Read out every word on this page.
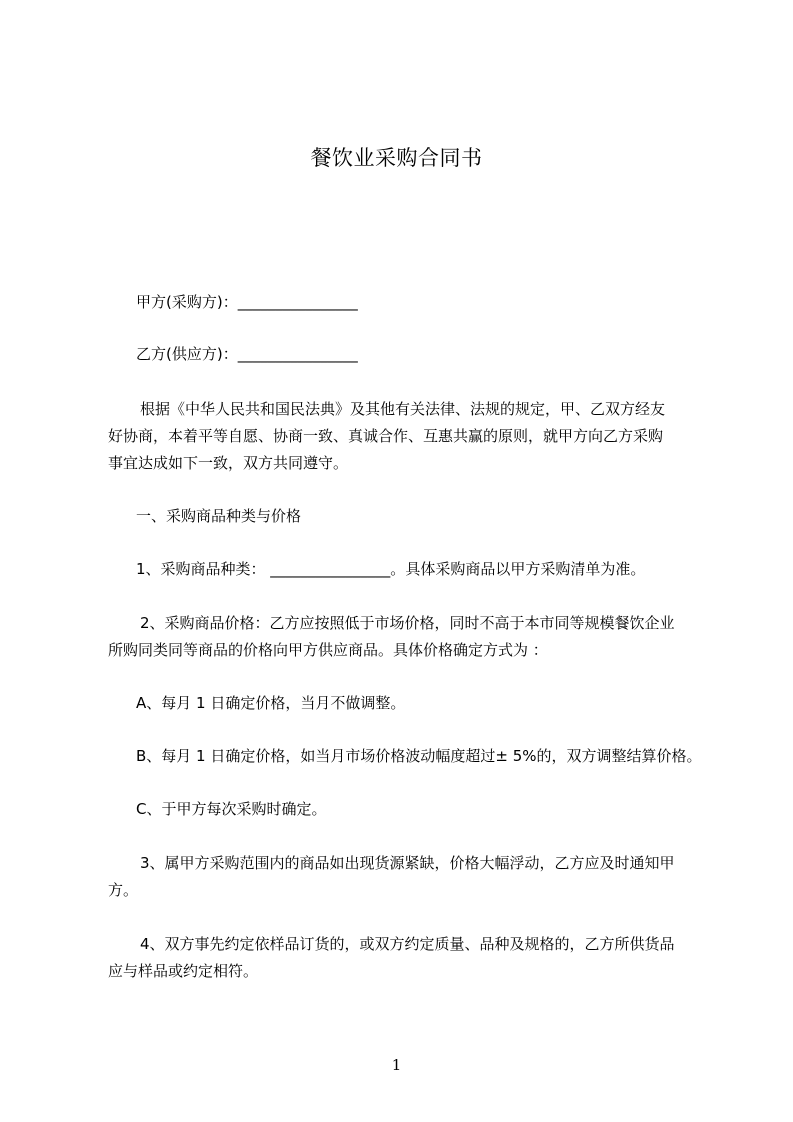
餐饮业采购合同书
甲方(采购方)：________________
乙方(供应方)：________________
根据《中华人民共和国民法典》及其他有关法律、法规的规定，甲、乙双方经友
好协商，本着平等自愿、协商一致、真诚合作、互惠共赢的原则，就甲方向乙方采购
事宜达成如下一致，双方共同遵守。
一、采购商品种类与价格
1、采购商品种类： ________________。具体采购商品以甲方采购清单为准。
2、采购商品价格：乙方应按照低于市场价格，同时不高于本市同等规模餐饮企业
所购同类同等商品的价格向甲方供应商品。具体价格确定方式为 ：
A、每月 1 日确定价格，当月不做调整。
B、每月 1 日确定价格，如当月市场价格波动幅度超过± 5%的，双方调整结算价格。
C、于甲方每次采购时确定。
3、属甲方采购范围内的商品如出现货源紧缺，价格大幅浮动，乙方应及时通知甲
方。
4、双方事先约定依样品订货的，或双方约定质量、品种及规格的，乙方所供货品
应与样品或约定相符。
1
